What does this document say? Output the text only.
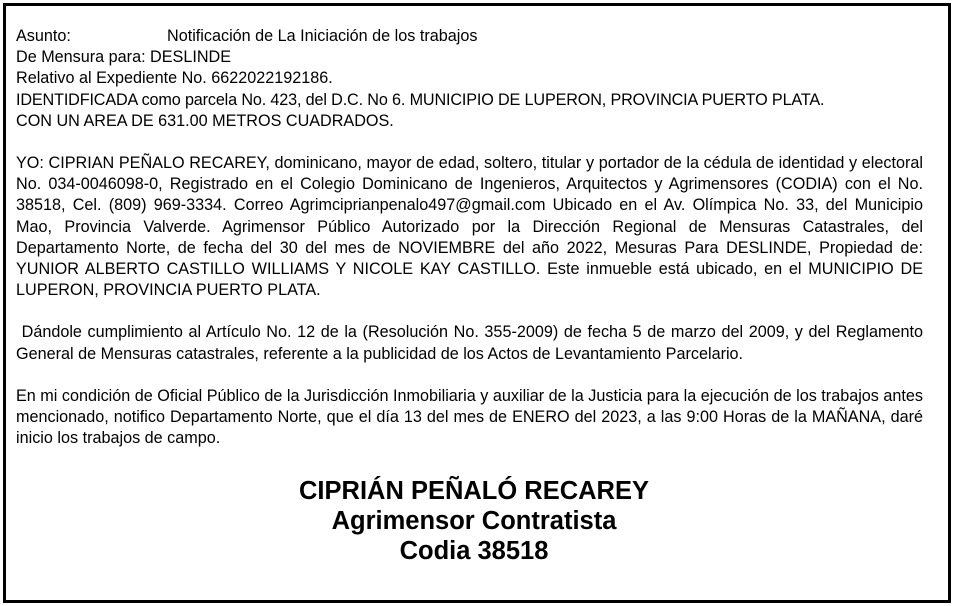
Asunto:	Notificación de La Iniciación de los trabajos
De Mensura para: DESLINDE
Relativo al Expediente No. 6622022192186.
IDENTIDFICADA como parcela No. 423, del D.C. No 6. MUNICIPIO DE LUPERON, PROVINCIA PUERTO PLATA.
CON UN AREA DE 631.00 METROS CUADRADOS.

YO: CIPRIAN PEÑALO RECAREY, dominicano, mayor de edad, soltero, titular y portador de la cédula de identidad y electoral No. 034-0046098-0, Registrado en el Colegio Dominicano de Ingenieros, Arquitectos y Agrimensores (CODIA) con el No. 38518, Cel. (809) 969-3334. Correo Agrimciprianpenalo497@gmail.com Ubicado en el Av. Olímpica No. 33, del Municipio Mao, Provincia Valverde. Agrimensor Público Autorizado por la Dirección Regional de Mensuras Catastrales, del Departamento Norte, de fecha del 30 del mes de NOVIEMBRE del año 2022, Mesuras Para DESLINDE, Propiedad de: YUNIOR ALBERTO CASTILLO WILLIAMS Y NICOLE KAY CASTILLO. Este inmueble está ubicado, en el MUNICIPIO DE LUPERON, PROVINCIA PUERTO PLATA.

Dándole cumplimiento al Artículo No. 12 de la (Resolución No. 355-2009) de fecha 5 de marzo del 2009, y del Reglamento General de Mensuras catastrales, referente a la publicidad de los Actos de Levantamiento Parcelario.

En mi condición de Oficial Público de la Jurisdicción Inmobiliaria y auxiliar de la Justicia para la ejecución de los trabajos antes mencionado, notifico Departamento Norte, que el día 13 del mes de ENERO del 2023, a las 9:00 Horas de la MAÑANA, daré inicio los trabajos de campo.

CIPRIÁN PEÑALÓ RECAREY
Agrimensor Contratista
Codia 38518
